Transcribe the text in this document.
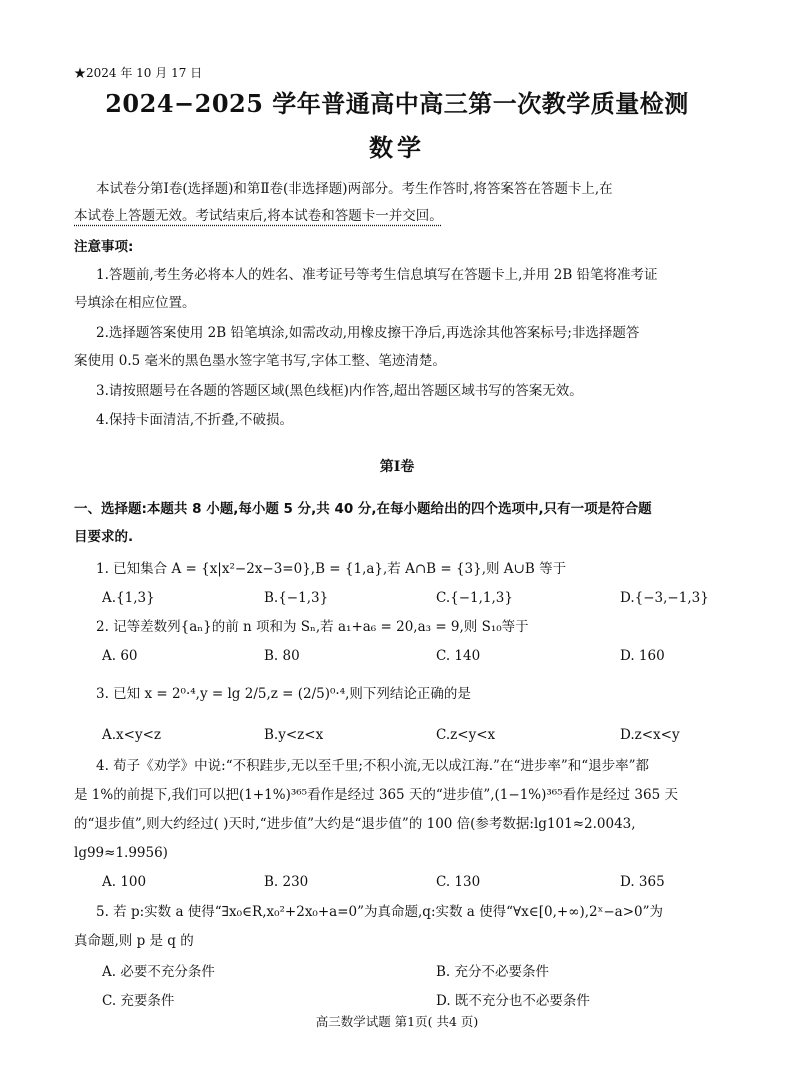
★2024 年 10 月 17 日
2024−2025 学年普通高中高三第一次教学质量检测
数学
本试卷分第Ⅰ卷(选择题)和第Ⅱ卷(非选择题)两部分。考生作答时,将答案答在答题卡上,在
本试卷上答题无效。考试结束后,将本试卷和答题卡一并交回。
注意事项:
1.答题前,考生务必将本人的姓名、准考证号等考生信息填写在答题卡上,并用 2B 铅笔将准考证
号填涂在相应位置。
2.选择题答案使用 2B 铅笔填涂,如需改动,用橡皮擦干净后,再选涂其他答案标号;非选择题答
案使用 0.5 毫米的黑色墨水签字笔书写,字体工整、笔迹清楚。
3.请按照题号在各题的答题区域(黑色线框)内作答,超出答题区域书写的答案无效。
4.保持卡面清洁,不折叠,不破损。
第Ⅰ卷
一、选择题:本题共 8 小题,每小题 5 分,共 40 分,在每小题给出的四个选项中,只有一项是符合题
目要求的.
1. 已知集合 A = {x|x²−2x−3=0},B = {1,a},若 A∩B = {3},则 A∪B 等于
A.{1,3}	B.{−1,3}	C.{−1,1,3}	D.{−3,−1,3}
2. 记等差数列{aₙ}的前 n 项和为 Sₙ,若 a₁+a₆ = 20,a₃ = 9,则 S₁₀等于
A. 60	B. 80	C. 140	D. 160
3. 已知 x = 2⁰·⁴,y = lg 2/5,z = (2/5)⁰·⁴,则下列结论正确的是
A.x<y<z	B.y<z<x	C.z<y<x	D.z<x<y
4. 荀子《劝学》中说:“不积跬步,无以至千里;不积小流,无以成江海.”在“进步率”和“退步率”都
是 1%的前提下,我们可以把(1+1%)³⁶⁵看作是经过 365 天的“进步值”,(1−1%)³⁶⁵看作是经过 365 天
的“退步值”,则大约经过( )天时,“进步值”大约是“退步值”的 100 倍(参考数据:lg101≈2.0043,
lg99≈1.9956)
A. 100	B. 230	C. 130	D. 365
5. 若 p:实数 a 使得“∃x₀∈R,x₀²+2x₀+a=0”为真命题,q:实数 a 使得“∀x∈[0,+∞),2ˣ−a>0”为
真命题,则 p 是 q 的
A. 必要不充分条件	B. 充分不必要条件
C. 充要条件	D. 既不充分也不必要条件
高三数学试题 第1页( 共4 页)
